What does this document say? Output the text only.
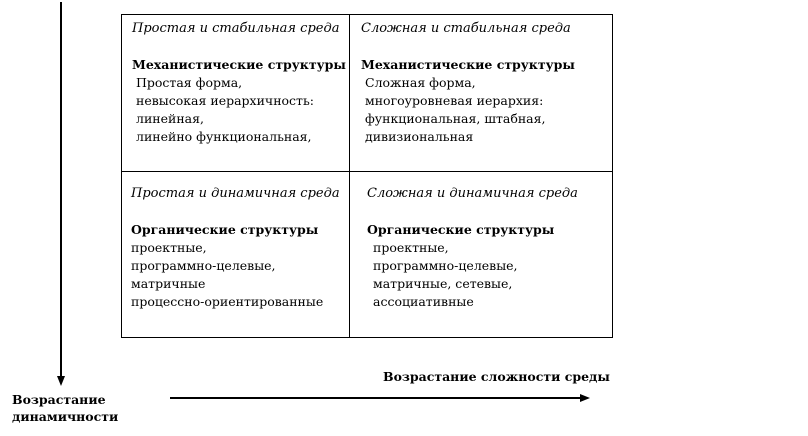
Простая и стабильная среда
Механистические структуры
Простая форма,
невысокая иерархичность:
линейная,
линейно функциональная,
Сложная и стабильная среда
Механистические структуры
Сложная форма,
многоуровневая иерархия:
функциональная, штабная,
дивизиональная
Простая и динамичная среда
Органические структуры
проектные,
программно-целевые,
матричные
процессно-ориентированные
Сложная и динамичная среда
Органические структуры
проектные,
программно-целевые,
матричные, сетевые,
ассоциативные
Возрастание
динамичности
Возрастание сложности среды
